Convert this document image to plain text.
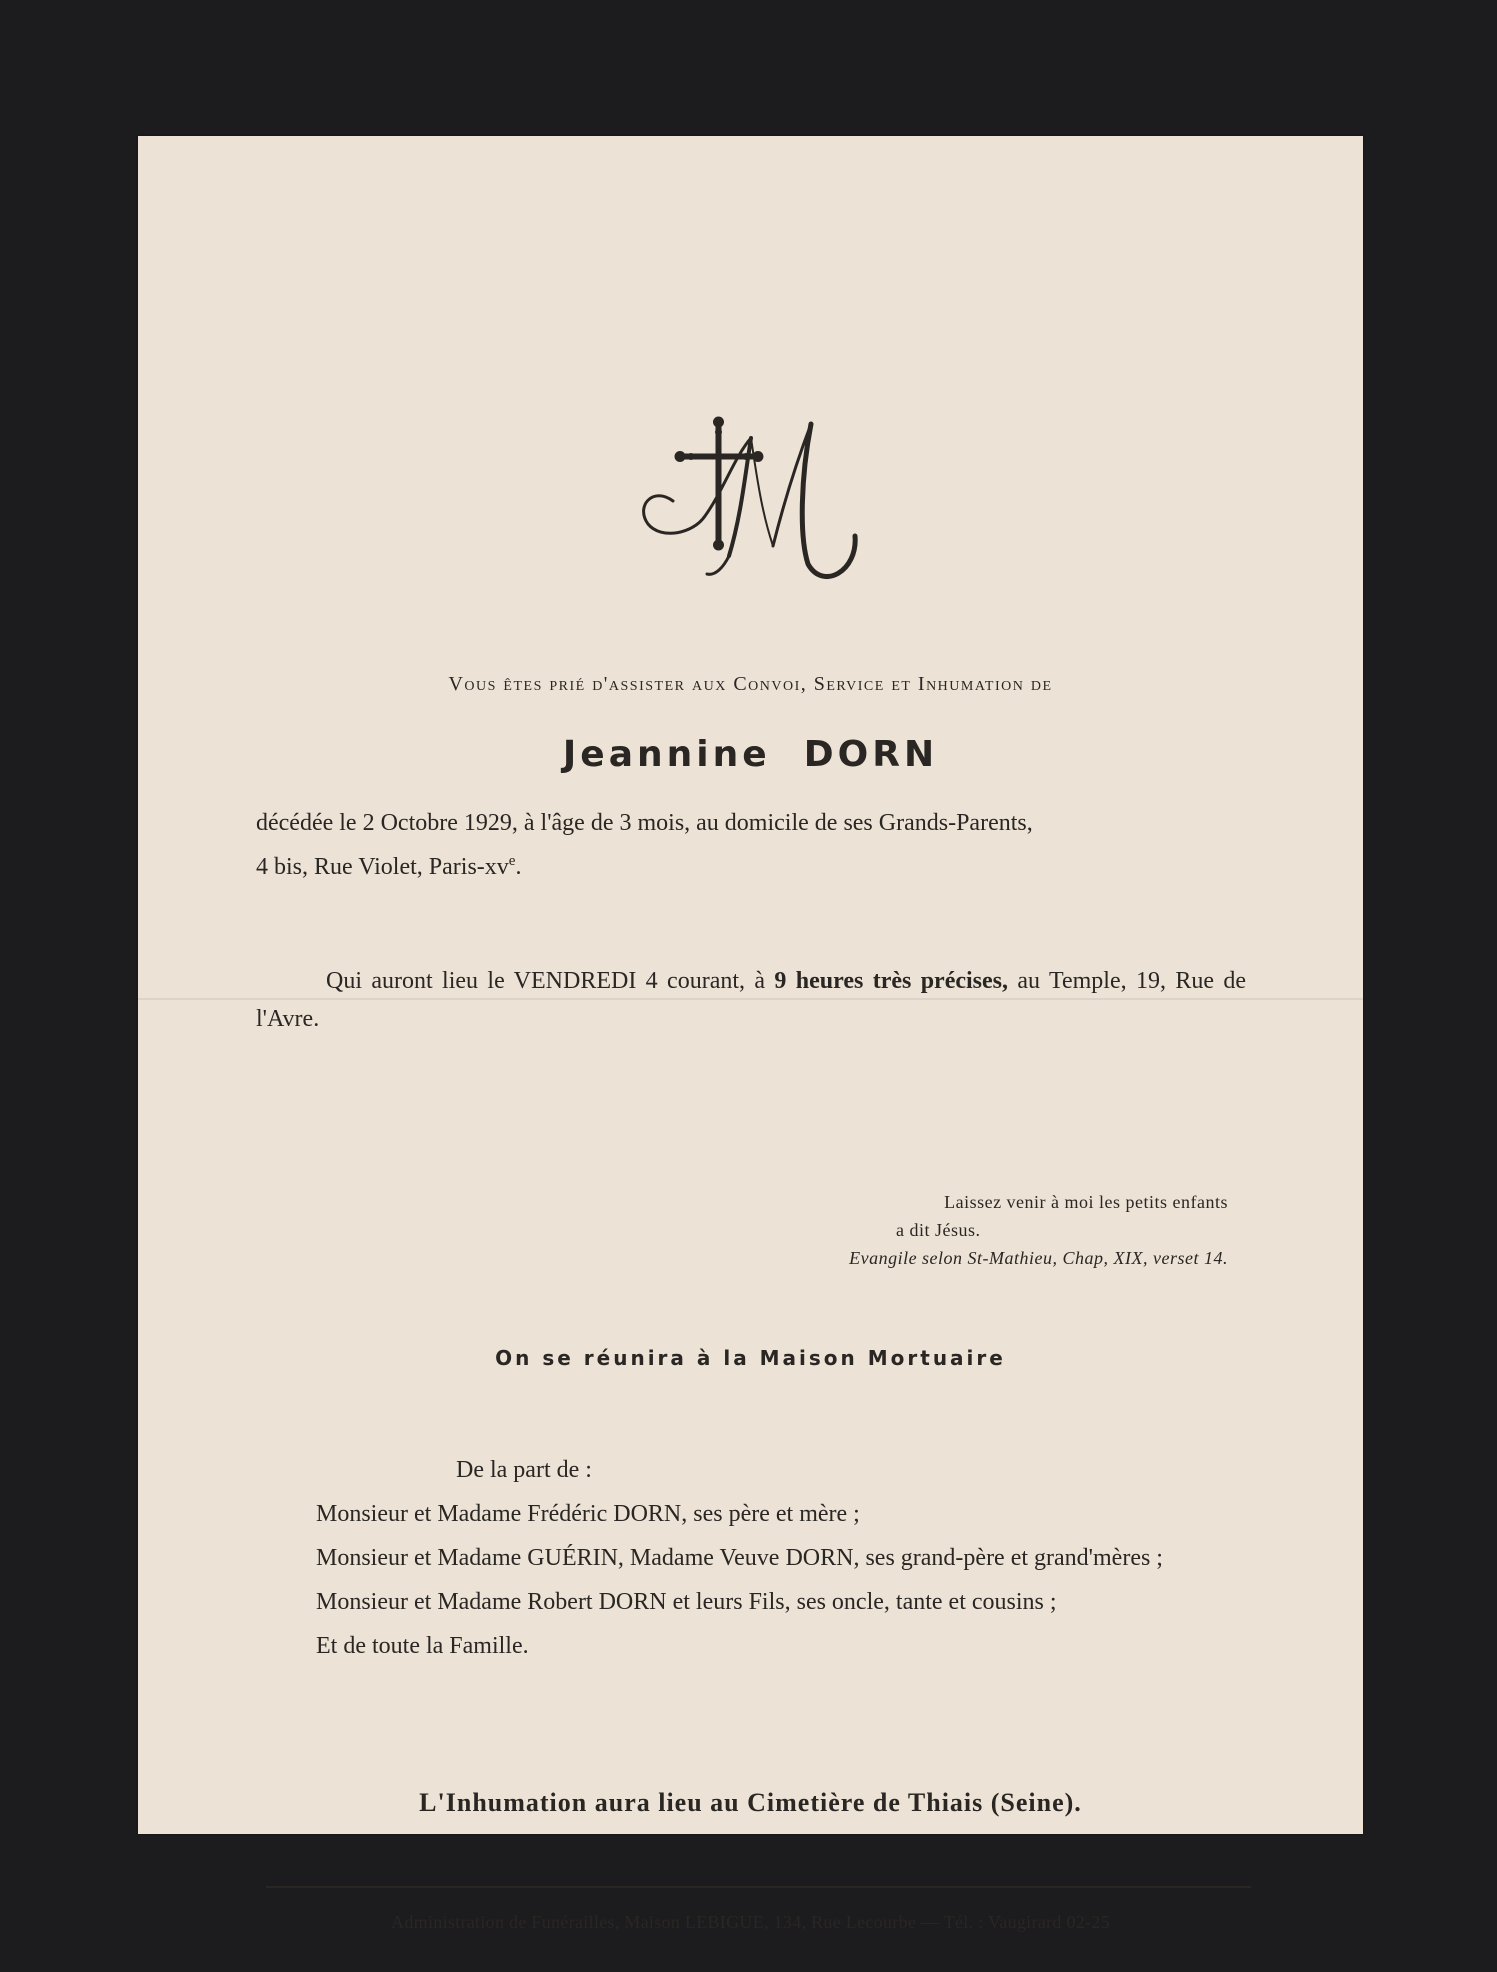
Vous êtes prié d'assister aux Convoi, Service et Inhumation de
Jeannine DORN
décédée le 2 Octobre 1929, à l'âge de 3 mois, au domicile de ses Grands-Parents,
4 bis, Rue Violet, Paris-$xv^e$.
Qui auront lieu le VENDREDI 4 courant, à 9 heures très précises, au Temple, 19, Rue de l'Avre.
Laissez venir à moi les petits enfants
a dit Jésus.
Evangile selon St-Mathieu, Chap, XIX, verset 14.
On se réunira à la Maison Mortuaire
De la part de :
Monsieur et Madame Frédéric DORN, ses père et mère ;
Monsieur et Madame GUÉRIN, Madame Veuve DORN, ses grand-père et grand'mères ;
Monsieur et Madame Robert DORN et leurs Fils, ses oncle, tante et cousins ;
Et de toute la Famille.
L'Inhumation aura lieu au Cimetière de Thiais (Seine).
Administration de Funérailles, Maison LEBIGUE, 134, Rue Lecourbe — Tél. : Vaugirard 02-25
